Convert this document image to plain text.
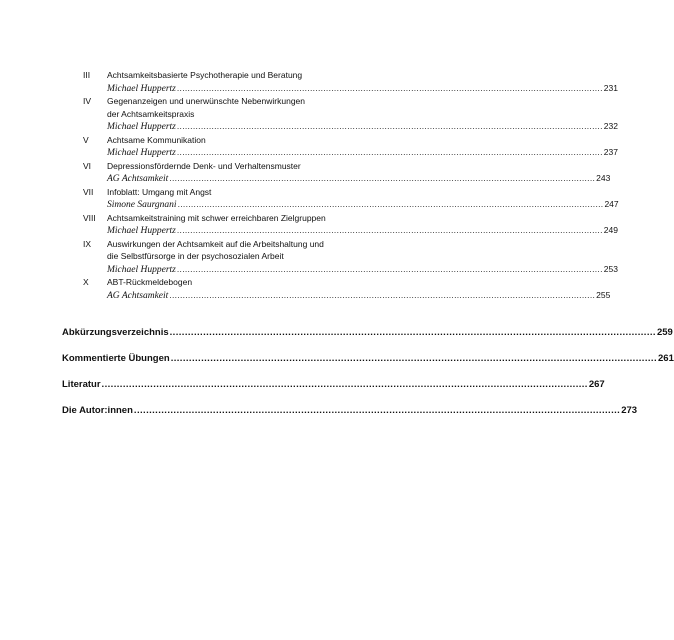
III Achtsamkeitsbasierte Psychotherapie und Beratung
Michael Huppertz ................................................................................................................................................................ 231
IV Gegenanzeigen und unerwünschte Nebenwirkungen
der Achtsamkeitspraxis
Michael Huppertz ................................................................................................................................................................ 232
V Achtsame Kommunikation
Michael Huppertz ................................................................................................................................................................ 237
VI Depressionsfördernde Denk- und Verhaltensmuster
AG Achtsamkeit ................................................................................................................................................................ 243
VII Infoblatt: Umgang mit Angst
Simone Saurgnani ................................................................................................................................................................ 247
VIII Achtsamkeitstraining mit schwer erreichbaren Zielgruppen
Michael Huppertz ................................................................................................................................................................ 249
IX Auswirkungen der Achtsamkeit auf die Arbeitshaltung und
die Selbstfürsorge in der psychosozialen Arbeit
Michael Huppertz ................................................................................................................................................................ 253
X ABT-Rückmeldebogen
AG Achtsamkeit ................................................................................................................................................................ 255
Abkürzungsverzeichnis ................................................................................................................................................................ 259
Kommentierte Übungen ................................................................................................................................................................ 261
Literatur ................................................................................................................................................................ 267
Die Autor:innen ................................................................................................................................................................ 273
